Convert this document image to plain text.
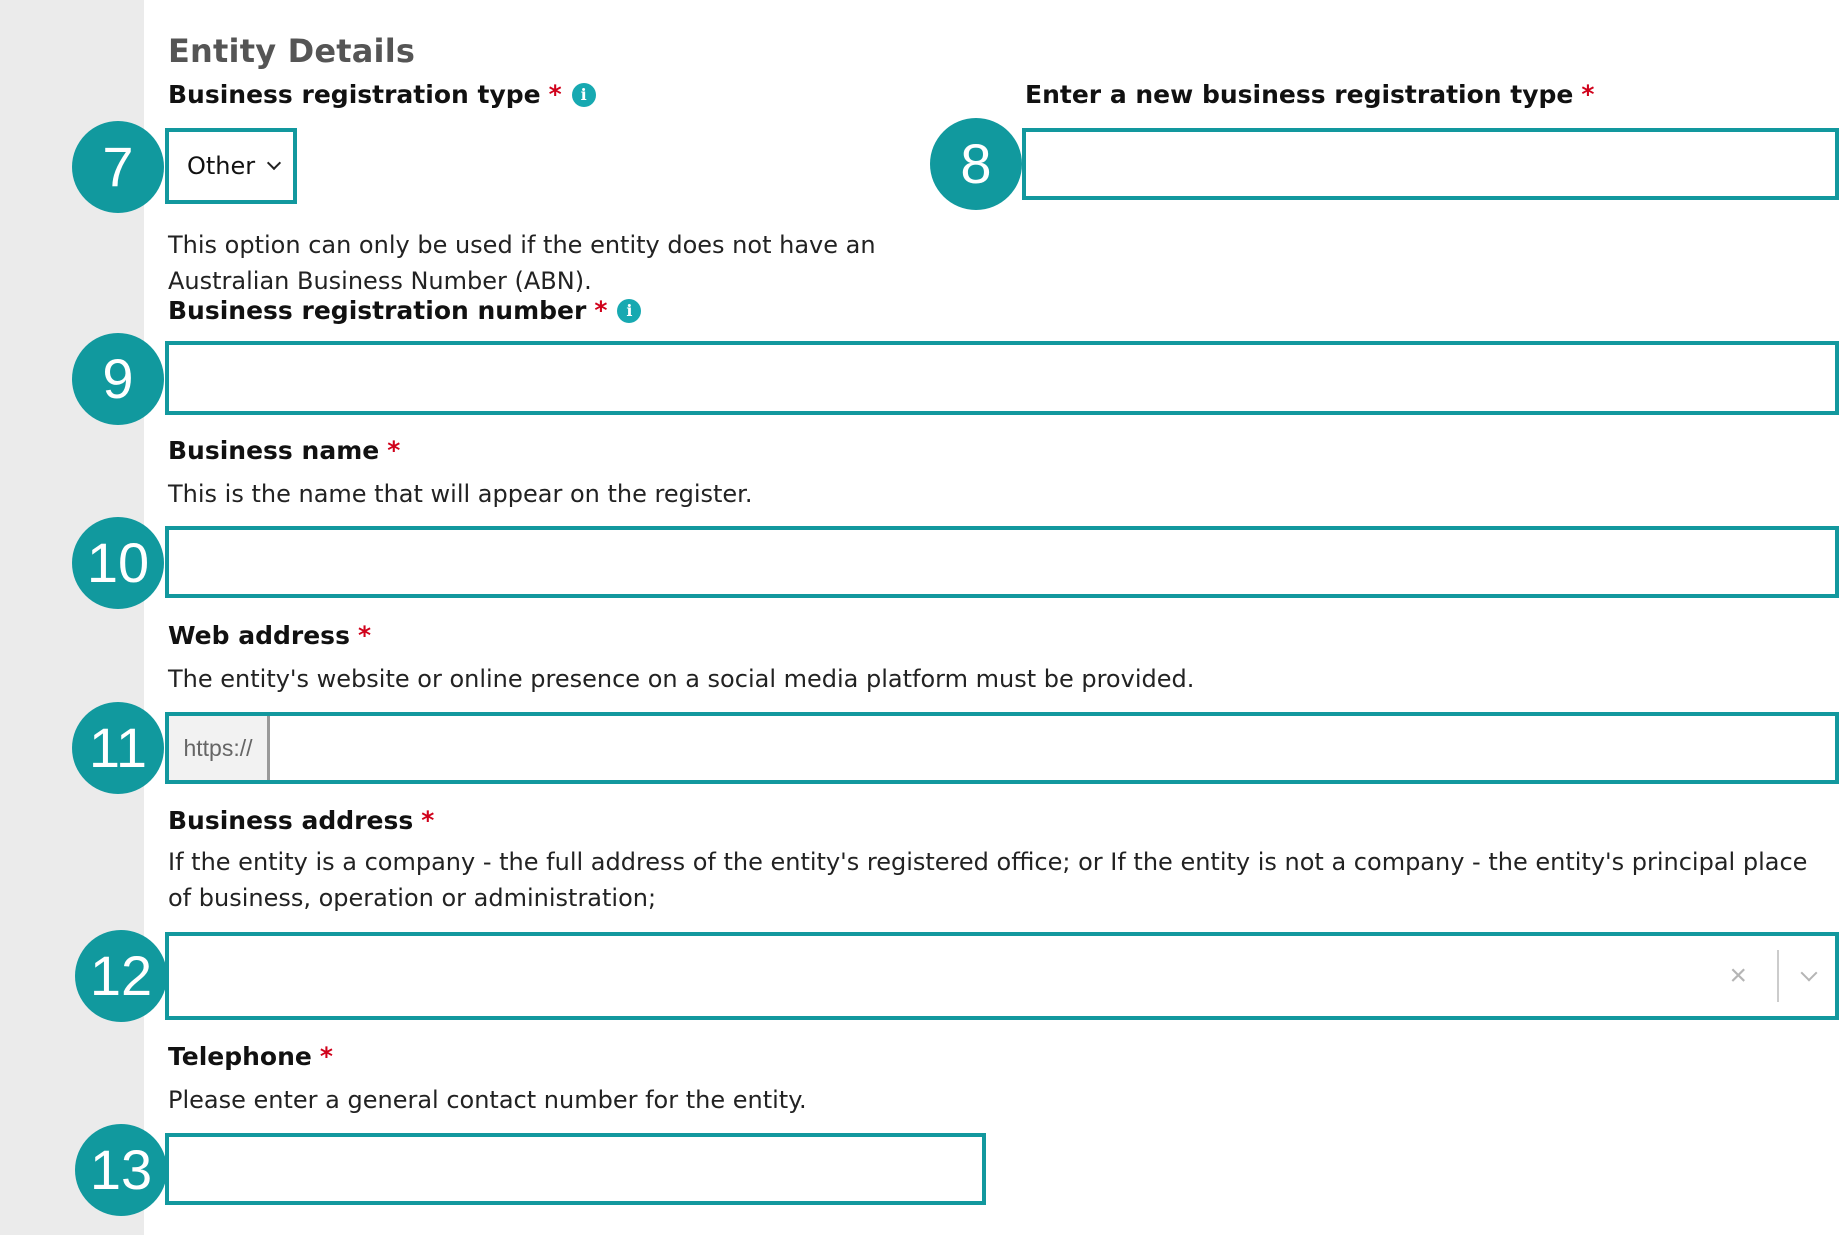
Entity Details
Business registration type *	i
7	Other
This option can only be used if the entity does not have an Australian Business Number (ABN).
Enter a new business registration type *
8
Business registration number *	i
9
Business name *
This is the name that will appear on the register.
10
Web address *
The entity's website or online presence on a social media platform must be provided.
11	https://
Business address *
If the entity is a company - the full address of the entity's registered office; or If the entity is not a company - the entity's principal place of business, operation or administration;
12	×
Telephone *
Please enter a general contact number for the entity.
13
